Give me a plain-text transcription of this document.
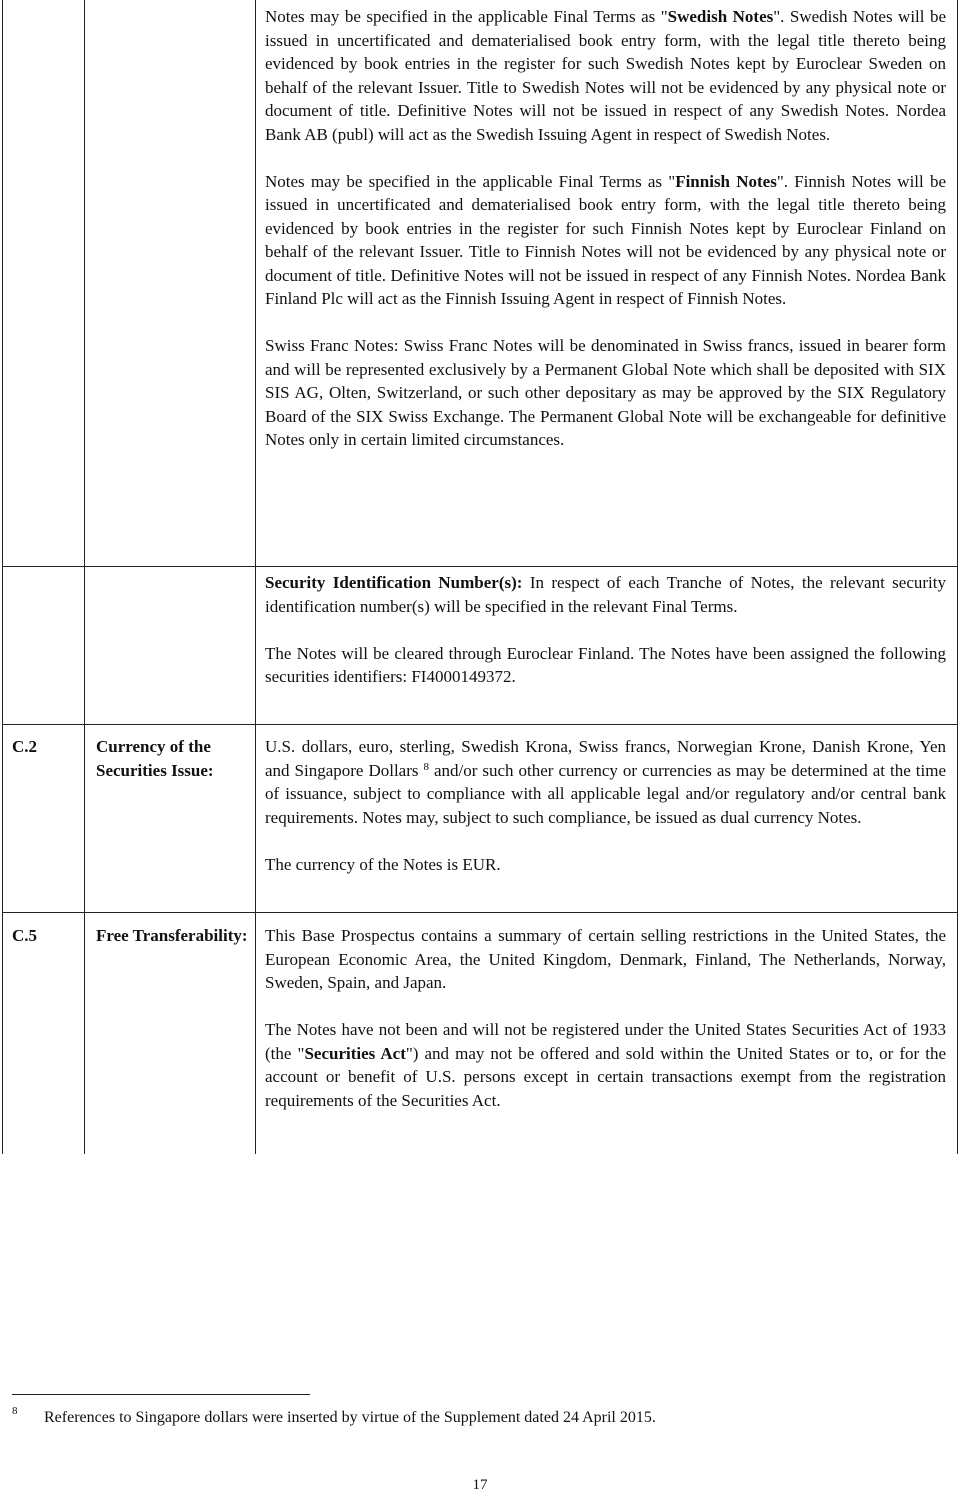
Notes may be specified in the applicable Final Terms as "Swedish Notes". Swedish Notes will be issued in uncertificated and dematerialised book entry form, with the legal title thereto being evidenced by book entries in the register for such Swedish Notes kept by Euroclear Sweden on behalf of the relevant Issuer. Title to Swedish Notes will not be evidenced by any physical note or document of title. Definitive Notes will not be issued in respect of any Swedish Notes. Nordea Bank AB (publ) will act as the Swedish Issuing Agent in respect of Swedish Notes.

Notes may be specified in the applicable Final Terms as "Finnish Notes". Finnish Notes will be issued in uncertificated and dematerialised book entry form, with the legal title thereto being evidenced by book entries in the register for such Finnish Notes kept by Euroclear Finland on behalf of the relevant Issuer. Title to Finnish Notes will not be evidenced by any physical note or document of title. Definitive Notes will not be issued in respect of any Finnish Notes. Nordea Bank Finland Plc will act as the Finnish Issuing Agent in respect of Finnish Notes.

Swiss Franc Notes: Swiss Franc Notes will be denominated in Swiss francs, issued in bearer form and will be represented exclusively by a Permanent Global Note which shall be deposited with SIX SIS AG, Olten, Switzerland, or such other depositary as may be approved by the SIX Regulatory Board of the SIX Swiss Exchange. The Permanent Global Note will be exchangeable for definitive Notes only in certain limited circumstances.

Security Identification Number(s): In respect of each Tranche of Notes, the relevant security identification number(s) will be specified in the relevant Final Terms.

The Notes will be cleared through Euroclear Finland. The Notes have been assigned the following securities identifiers: FI4000149372.

C.2	Currency of the Securities Issue:

U.S. dollars, euro, sterling, Swedish Krona, Swiss francs, Norwegian Krone, Danish Krone, Yen and Singapore Dollars $^8$ and/or such other currency or currencies as may be determined at the time of issuance, subject to compliance with all applicable legal and/or regulatory and/or central bank requirements. Notes may, subject to such compliance, be issued as dual currency Notes.

The currency of the Notes is EUR.

C.5	Free Transferability: This Base Prospectus contains a summary of certain selling restrictions in the United States, the European Economic Area, the United Kingdom, Denmark, Finland, The Netherlands, Norway, Sweden, Spain, and Japan.

The Notes have not been and will not be registered under the United States Securities Act of 1933 (the "Securities Act") and may not be offered and sold within the United States or to, or for the account or benefit of U.S. persons except in certain transactions exempt from the registration requirements of the Securities Act.

8 References to Singapore dollars were inserted by virtue of the Supplement dated 24 April 2015.
17
